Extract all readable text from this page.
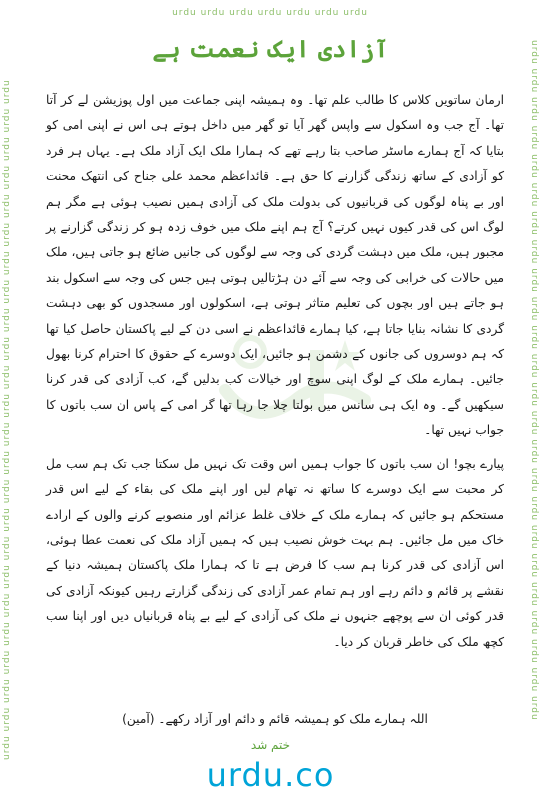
urdu urdu urdu urdu urdu urdu urdu
urdu urdu urdu urdu urdu urdu urdu urdu urdu urdu urdu urdu urdu urdu urdu urdu urdu urdu urdu urdu urdu urdu urdu urdu	urdu urdu urdu urdu urdu urdu urdu urdu urdu urdu urdu urdu urdu urdu urdu urdu urdu urdu urdu urdu urdu urdu urdu urdu
آزادی ایک نعمت ہے

ارمان ساتویں کلاس کا طالب علم تھا۔ وہ ہمیشہ اپنی جماعت میں اول پوزیشن لے کر آتا تھا۔ آج جب وہ اسکول سے واپس گھر آیا تو گھر میں داخل ہوتے ہی اس نے اپنی امی کو بتایا کہ آج ہمارے ماسٹر صاحب بتا رہے تھے کہ ہمارا ملک ایک آزاد ملک ہے۔ یہاں ہر فرد کو آزادی کے ساتھ زندگی گزارنے کا حق ہے۔ قائداعظم محمد علی جناح کی انتھک محنت اور بے پناہ لوگوں کی قربانیوں کی بدولت ملک کی آزادی ہمیں نصیب ہوئی ہے مگر ہم لوگ اس کی قدر کیوں نہیں کرتے؟ آج ہم اپنے ملک میں خوف زدہ ہو کر زندگی گزارنے پر مجبور ہیں، ملک میں دہشت گردی کی وجہ سے لوگوں کی جانیں ضائع ہو جاتی ہیں، ملک میں حالات کی خرابی کی وجہ سے آئے دن ہڑتالیں ہوتی ہیں جس کی وجہ سے اسکول بند ہو جاتے ہیں اور بچوں کی تعلیم متاثر ہوتی ہے، اسکولوں اور مسجدوں کو بھی دہشت گردی کا نشانہ بنایا جاتا ہے، کیا ہمارے قائداعظم نے اسی دن کے لیے پاکستان حاصل کیا تھا کہ ہم دوسروں کی جانوں کے دشمن ہو جائیں، ایک دوسرے کے حقوق کا احترام کرنا بھول جائیں۔ ہمارے ملک کے لوگ اپنی سوچ اور خیالات کب بدلیں گے، کب آزادی کی قدر کرنا سیکھیں گے۔ وہ ایک ہی سانس میں بولتا چلا جا رہا تھا گر امی کے پاس ان سب باتوں کا جواب نہیں تھا۔

پیارے بچو! ان سب باتوں کا جواب ہمیں اس وقت تک نہیں مل سکتا جب تک ہم سب مل کر محبت سے ایک دوسرے کا ساتھ نہ تھام لیں اور اپنے ملک کی بقاء کے لیے اس قدر مستحکم ہو جائیں کہ ہمارے ملک کے خلاف غلط عزائم اور منصوبے کرنے والوں کے ارادے خاک میں مل جائیں۔ ہم بہت خوش نصیب ہیں کہ ہمیں آزاد ملک کی نعمت عطا ہوئی، اس آزادی کی قدر کرنا ہم سب کا فرض ہے تا کہ ہمارا ملک پاکستان ہمیشہ دنیا کے نقشے پر قائم و دائم رہے اور ہم تمام عمر آزادی کی زندگی گزارتے رہیں کیونکہ آزادی کی قدر کوئی ان سے پوچھے جنہوں نے ملک کی آزادی کے لیے بے پناہ قربانیاں دیں اور اپنا سب کچھ ملک کی خاطر قربان کر دیا۔

اللہ ہمارے ملک کو ہمیشہ قائم و دائم اور آزاد رکھے۔ (آمین)
ختم شد
urdu.co
